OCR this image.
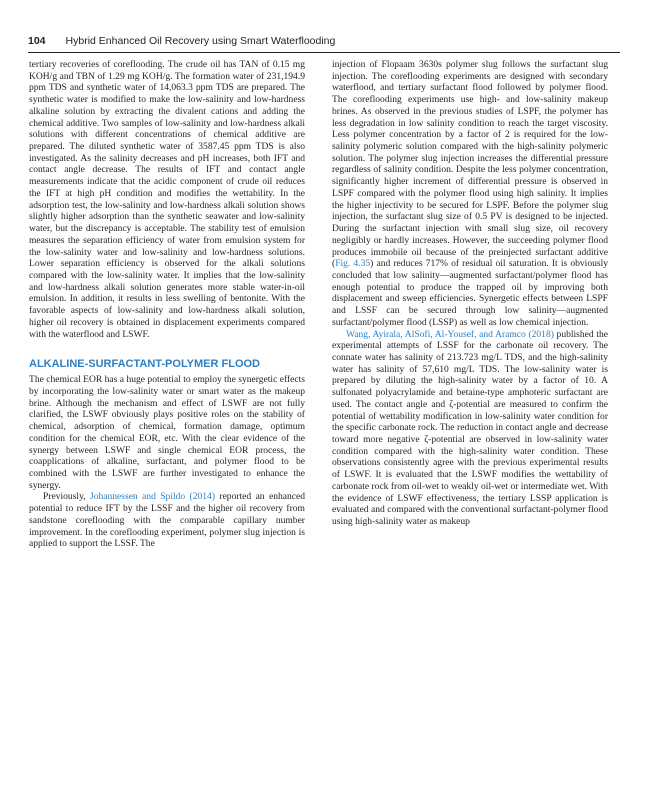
104 Hybrid Enhanced Oil Recovery using Smart Waterflooding

tertiary recoveries of coreflooding. The crude oil has TAN of 0.15 mg KOH/g and TBN of 1.29 mg KOH/g. The formation water of 231,194.9 ppm TDS and synthetic water of 14,063.3 ppm TDS are prepared. The synthetic water is modified to make the low-salinity and low-hardness alkaline solution by extracting the divalent cations and adding the chemical additive. Two samples of low-salinity and low-hardness alkali solutions with different concentrations of chemical additive are prepared. The diluted synthetic water of 3587.45 ppm TDS is also investigated. As the salinity decreases and pH increases, both IFT and contact angle decrease. The results of IFT and contact angle measurements indicate that the acidic component of crude oil reduces the IFT at high pH condition and modifies the wettability. In the adsorption test, the low-salinity and low-hardness alkali solution shows slightly higher adsorption than the synthetic seawater and low-salinity water, but the discrepancy is acceptable. The stability test of emulsion measures the separation efficiency of water from emulsion system for the low-salinity water and low-salinity and low-hardness solutions. Lower separation efficiency is observed for the alkali solutions compared with the low-salinity water. It implies that the low-salinity and low-hardness alkali solution generates more stable water-in-oil emulsion. In addition, it results in less swelling of bentonite. With the favorable aspects of low-salinity and low-hardness alkali solution, higher oil recovery is obtained in displacement experiments compared with the waterflood and LSWF.

ALKALINE-SURFACTANT-POLYMER FLOOD

The chemical EOR has a huge potential to employ the synergetic effects by incorporating the low-salinity water or smart water as the makeup brine. Although the mechanism and effect of LSWF are not fully clarified, the LSWF obviously plays positive roles on the stability of chemical, adsorption of chemical, formation damage, optimum condition for the chemical EOR, etc. With the clear evidence of the synergy between LSWF and single chemical EOR process, the coapplications of alkaline, surfactant, and polymer flood to be combined with the LSWF are further investigated to enhance the synergy.

Previously, Johannessen and Spildo (2014) reported an enhanced potential to reduce IFT by the LSSF and the higher oil recovery from sandstone coreflooding with the comparable capillary number improvement. In the coreflooding experiment, polymer slug injection is applied to support the LSSF. The

injection of Flopaam 3630s polymer slug follows the surfactant slug injection. The coreflooding experiments are designed with secondary waterflood, and tertiary surfactant flood followed by polymer flood. The coreflooding experiments use high- and low-salinity makeup brines. As observed in the previous studies of LSPF, the polymer has less degradation in low salinity condition to reach the target viscosity. Less polymer concentration by a factor of 2 is required for the low-salinity polymeric solution compared with the high-salinity polymeric solution. The polymer slug injection increases the differential pressure regardless of salinity condition. Despite the less polymer concentration, significantly higher increment of differential pressure is observed in LSPF compared with the polymer flood using high salinity. It implies the higher injectivity to be secured for LSPF. Before the polymer slug injection, the surfactant slug size of 0.5 PV is designed to be injected. During the surfactant injection with small slug size, oil recovery negligibly or hardly increases. However, the succeeding polymer flood produces immobile oil because of the preinjected surfactant additive (Fig. 4.35) and reduces 717% of residual oil saturation. It is obviously concluded that low salinity—augmented surfactant/polymer flood has enough potential to produce the trapped oil by improving both displacement and sweep efficiencies. Synergetic effects between LSPF and LSSF can be secured through low salinity—augmented surfactant/polymer flood (LSSP) as well as low chemical injection.

Wang, Ayirala, AlSofi, Al-Yousef, and Aramco (2018) published the experimental attempts of LSSF for the carbonate oil recovery. The connate water has salinity of 213.723 mg/L TDS, and the high-salinity water has salinity of 57,610 mg/L TDS. The low-salinity water is prepared by diluting the high-salinity water by a factor of 10. A sulfonated polyacrylamide and betaine-type amphoteric surfactant are used. The contact angle and ζ-potential are measured to confirm the potential of wettability modification in low-salinity water condition for the specific carbonate rock. The reduction in contact angle and decrease toward more negative ζ-potential are observed in low-salinity water condition compared with the high-salinity water condition. These observations consistently agree with the previous experimental results of LSWF. It is evaluated that the LSWF modifies the wettability of carbonate rock from oil-wet to weakly oil-wet or intermediate wet. With the evidence of LSWF effectiveness, the tertiary LSSP application is evaluated and compared with the conventional surfactant-polymer flood using high-salinity water as makeup
